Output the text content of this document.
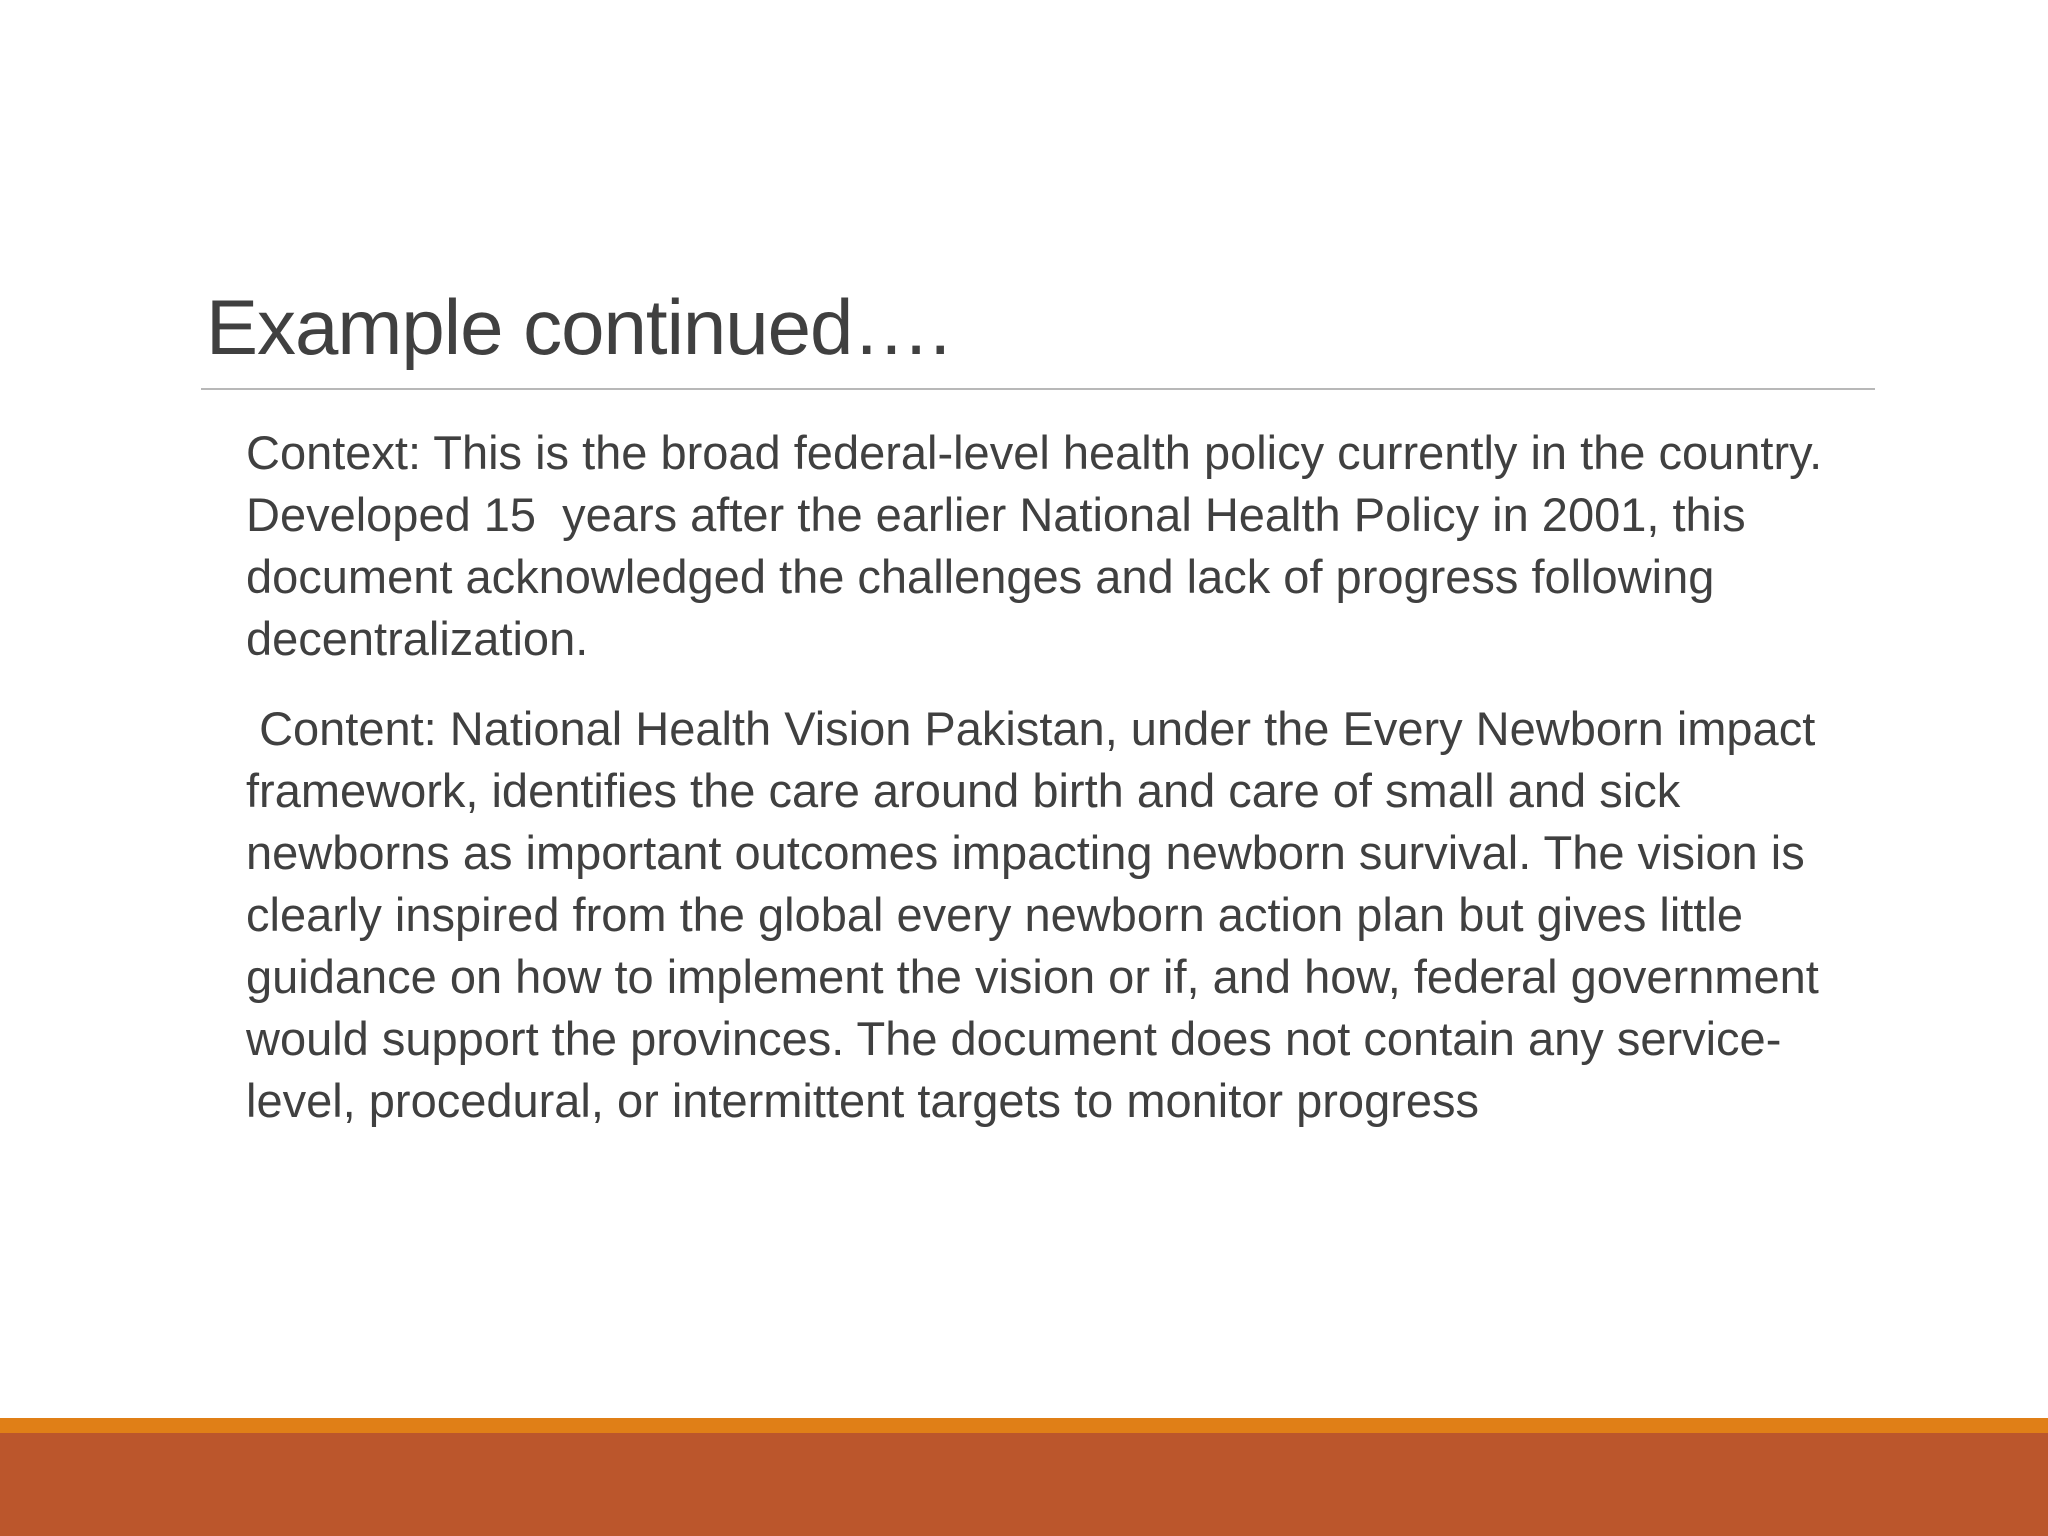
Example continued….

Context: This is the broad federal-level health policy currently in the country. Developed 15  years after the earlier National Health Policy in 2001, this document acknowledged the challenges and lack of progress following decentralization.

Content: National Health Vision Pakistan, under the Every Newborn impact framework, identifies the care around birth and care of small and sick newborns as important outcomes impacting newborn survival. The vision is clearly inspired from the global every newborn action plan but gives little guidance on how to implement the vision or if, and how, federal government would support the provinces. The document does not contain any service-level, procedural, or intermittent targets to monitor progress
